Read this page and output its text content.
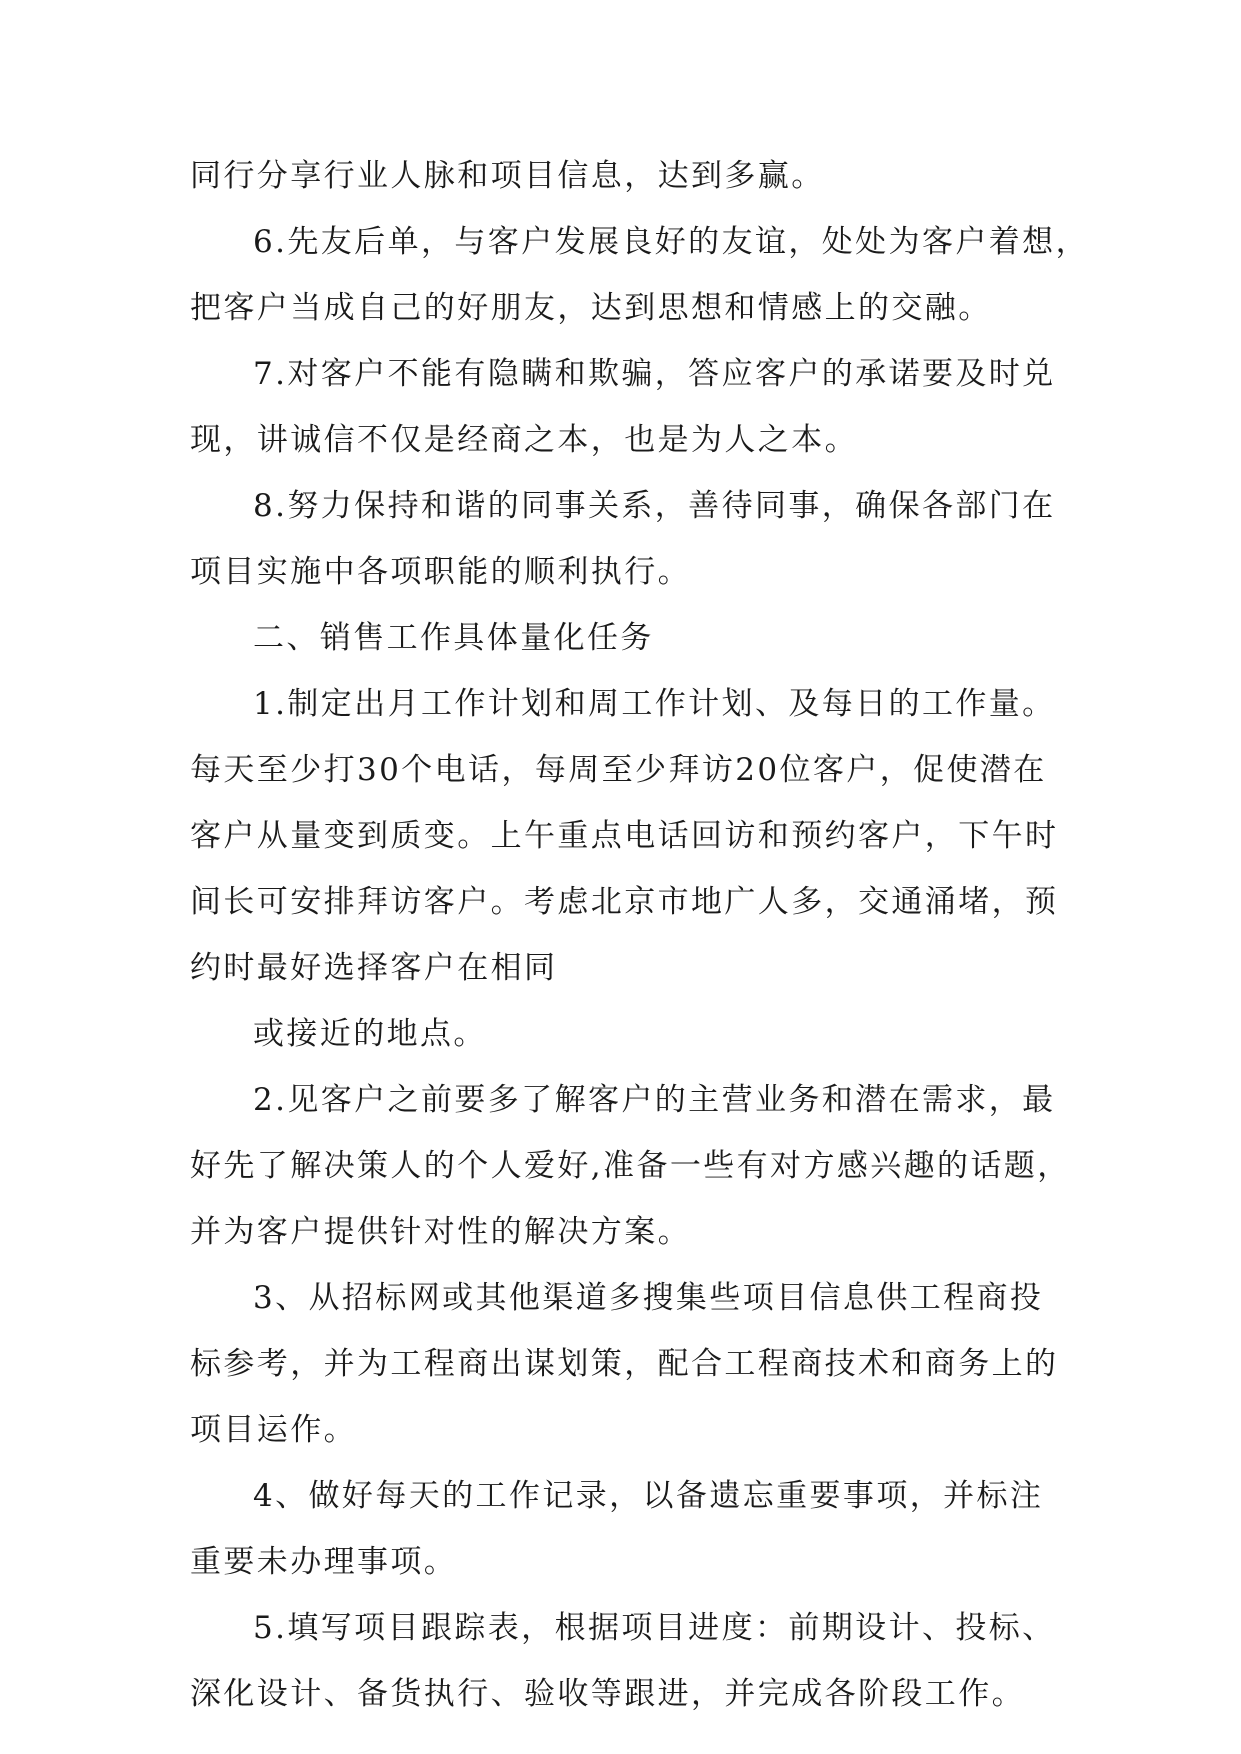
同行分享行业人脉和项目信息，达到多赢。
6.先友后单，与客户发展良好的友谊，处处为客户着想，
把客户当成自己的好朋友，达到思想和情感上的交融。
7.对客户不能有隐瞒和欺骗，答应客户的承诺要及时兑
现，讲诚信不仅是经商之本，也是为人之本。
8.努力保持和谐的同事关系，善待同事，确保各部门在
项目实施中各项职能的顺利执行。
二、销售工作具体量化任务
1.制定出月工作计划和周工作计划、及每日的工作量。
每天至少打30个电话，每周至少拜访20位客户，促使潜在
客户从量变到质变。上午重点电话回访和预约客户，下午时
间长可安排拜访客户。考虑北京市地广人多，交通涌堵，预
约时最好选择客户在相同
或接近的地点。
2.见客户之前要多了解客户的主营业务和潜在需求，最
好先了解决策人的个人爱好,准备一些有对方感兴趣的话题，
并为客户提供针对性的解决方案。
3、从招标网或其他渠道多搜集些项目信息供工程商投
标参考，并为工程商出谋划策，配合工程商技术和商务上的
项目运作。
4、做好每天的工作记录，以备遗忘重要事项，并标注
重要未办理事项。
5.填写项目跟踪表，根据项目进度：前期设计、投标、
深化设计、备货执行、验收等跟进，并完成各阶段工作。
